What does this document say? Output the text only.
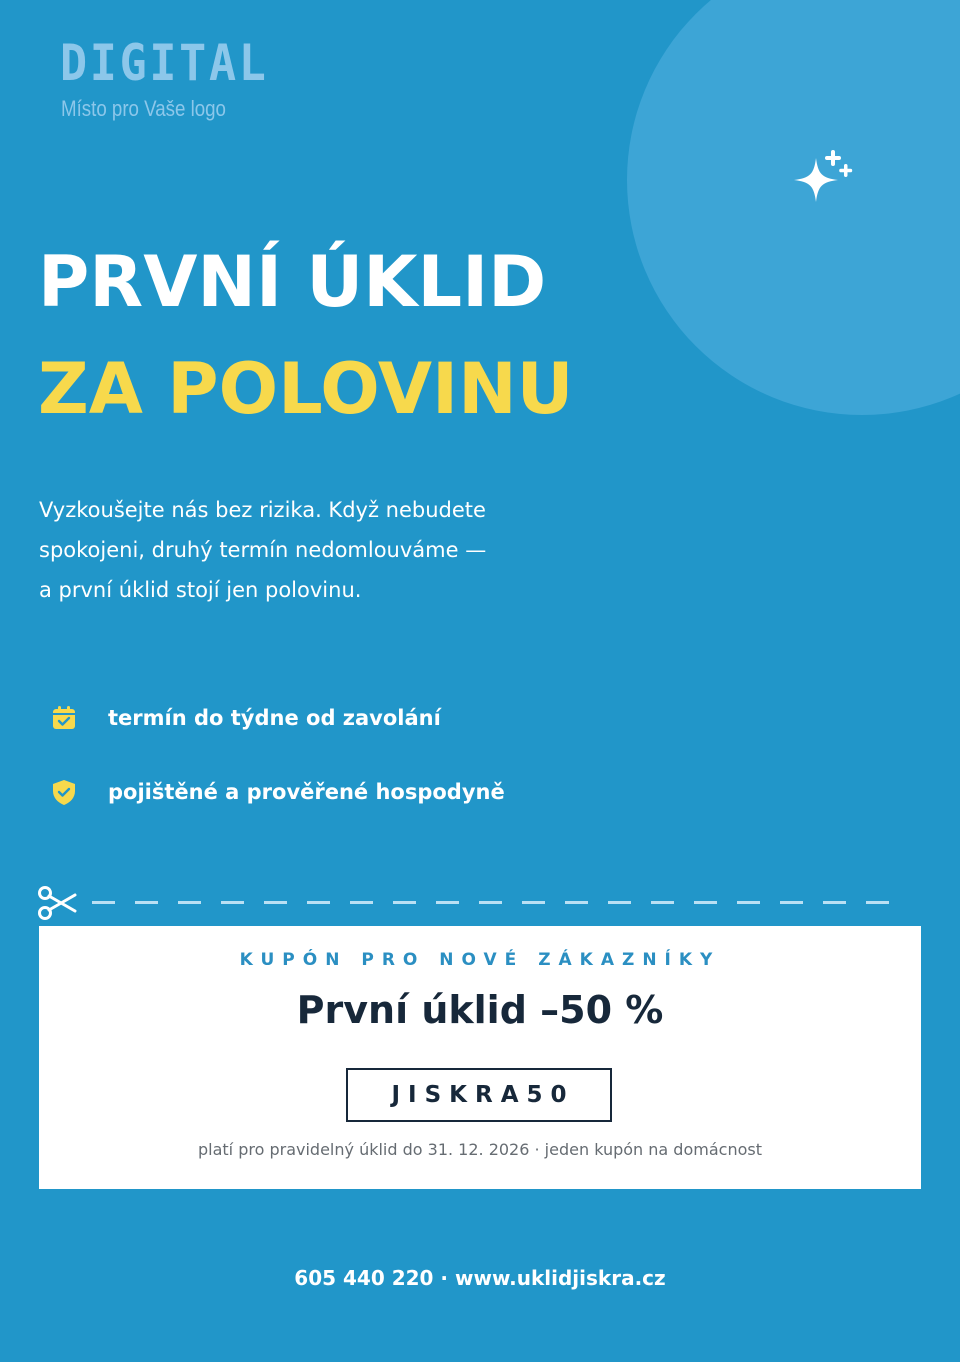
DIGITAL
Místo pro Vaše logo
PRVNÍ ÚKLID
ZA POLOVINU
Vyzkoušejte nás bez rizika. Když nebudete
spokojeni, druhý termín nedomlouváme —
a první úklid stojí jen polovinu.
termín do týdne od zavolání
pojištěné a prověřené hospodyně
KUPÓN PRO NOVÉ ZÁKAZNÍKY
První úklid –50 %
JISKRA50
platí pro pravidelný úklid do 31. 12. 2026 · jeden kupón na domácnost
605 440 220 · www.uklidjiskra.cz
